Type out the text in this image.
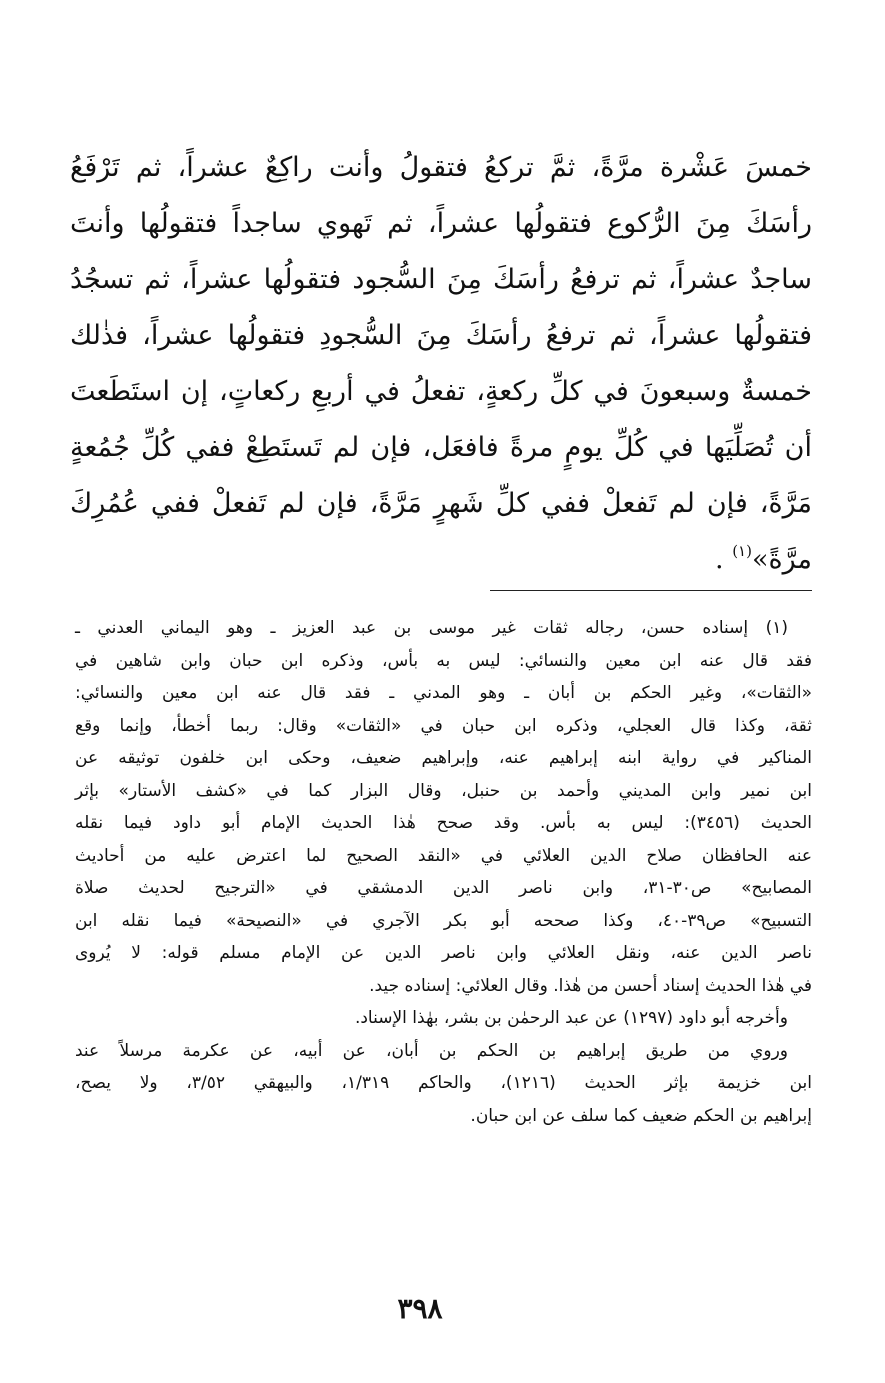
خمسَ عَشْرة مرَّةً، ثمَّ تركعُ فتقولُ وأنت راكِعٌ عشراً، ثم تَرْفَعُ
رأسَكَ مِنَ الرُّكوع فتقولُها عشراً، ثم تَهوي ساجداً فتقولُها وأنتَ
ساجدٌ عشراً، ثم ترفعُ رأسَكَ مِنَ السُّجود فتقولُها عشراً، ثم تسجُدُ
فتقولُها عشراً، ثم ترفعُ رأسَكَ مِنَ السُّجودِ فتقولُها عشراً، فذٰلك
خمسةٌ وسبعونَ في كلِّ ركعةٍ، تفعلُ في أربعِ ركعاتٍ، إن استَطَعتَ
أن تُصَلِّيَها في كُلِّ يومٍ مرةً فافعَل، فإن لم تَستَطِعْ ففي كُلِّ جُمُعةٍ
مَرَّةً، فإن لم تَفعلْ ففي كلِّ شَهرٍ مَرَّةً، فإن لم تَفعلْ ففي عُمُرِكَ
مرَّةً»$^{(١)}$ .
(١) إسناده حسن، رجاله ثقات غير موسى بن عبد العزيز ـ وهو اليماني العدني ـ
فقد قال عنه ابن معين والنسائي: ليس به بأس، وذكره ابن حبان وابن شاهين في
«الثقات»، وغير الحكم بن أبان ـ وهو المدني ـ فقد قال عنه ابن معين والنسائي:
ثقة، وكذا قال العجلي، وذكره ابن حبان في «الثقات» وقال: ربما أخطأ، وإنما وقع
المناكير في رواية ابنه إبراهيم عنه، وإبراهيم ضعيف، وحكى ابن خلفون توثيقه عن
ابن نمير وابن المديني وأحمد بن حنبل، وقال البزار كما في «كشف الأستار» بإثر
الحديث (٣٤٥٦): ليس به بأس. وقد صحح هٰذا الحديث الإمام أبو داود فيما نقله
عنه الحافظان صلاح الدين العلائي في «النقد الصحيح لما اعترض عليه من أحاديث
المصابيح» ص٣٠-٣١، وابن ناصر الدين الدمشقي في «الترجيح لحديث صلاة
التسبيح» ص٣٩-٤٠، وكذا صححه أبو بكر الآجري في «النصيحة» فيما نقله ابن
ناصر الدين عنه، ونقل العلائي وابن ناصر الدين عن الإمام مسلم قوله: لا يُروى
في هٰذا الحديث إسناد أحسن من هٰذا. وقال العلائي: إسناده جيد.
وأخرجه أبو داود (١٢٩٧) عن عبد الرحمٰن بن بشر، بهٰذا الإسناد.
وروي من طريق إبراهيم بن الحكم بن أبان، عن أبيه، عن عكرمة مرسلاً عند
ابن خزيمة بإثر الحديث (١٢١٦)، والحاكم ١/٣١٩، والبيهقي ٣/٥٢، ولا يصح،
إبراهيم بن الحكم ضعيف كما سلف عن ابن حبان.
٣٩٨
